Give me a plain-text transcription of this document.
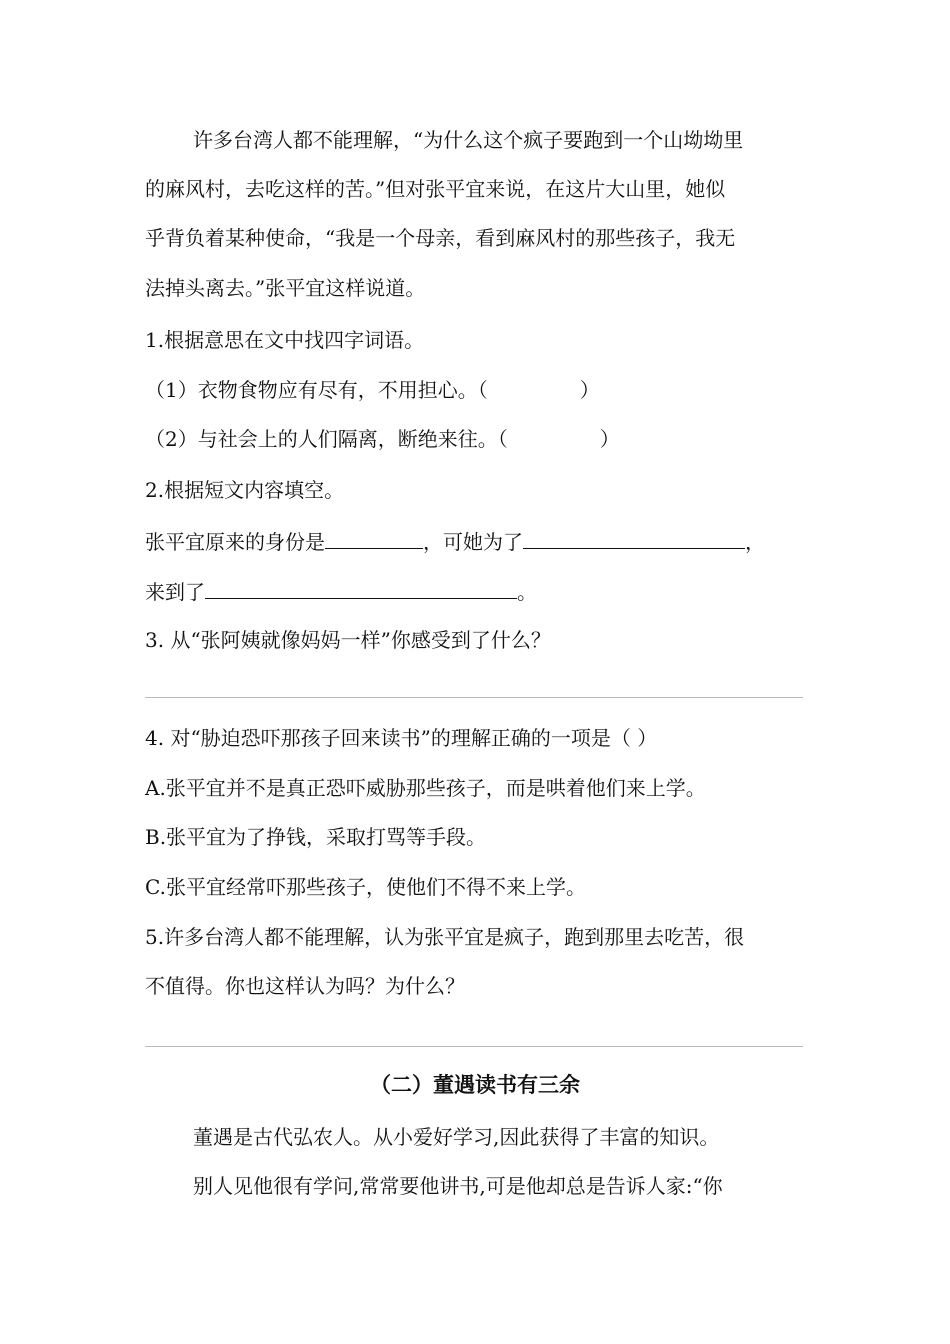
许多台湾人都不能理解，“为什么这个疯子要跑到一个山坳坳里
的麻风村，去吃这样的苦。”但对张平宜来说，在这片大山里，她似
乎背负着某种使命，“我是一个母亲，看到麻风村的那些孩子，我无
法掉头离去。”张平宜这样说道。
1.根据意思在文中找四字词语。
（1）衣物食物应有尽有，不用担心。（	）
（2）与社会上的人们隔离，断绝来往。（	）
2.根据短文内容填空。
张平宜原来的身份是	，可她为了	，
来到了	。
3. 从“张阿姨就像妈妈一样”你感受到了什么？
4. 对“胁迫恐吓那孩子回来读书”的理解正确的一项是（ ）
A.张平宜并不是真正恐吓威胁那些孩子，而是哄着他们来上学。
B.张平宜为了挣钱，采取打骂等手段。
C.张平宜经常吓那些孩子，使他们不得不来上学。
5.许多台湾人都不能理解，认为张平宜是疯子，跑到那里去吃苦，很
不值得。你也这样认为吗？为什么？
（二）董遇读书有三余
董遇是古代弘农人。从小爱好学习,因此获得了丰富的知识。
别人见他很有学问,常常要他讲书,可是他却总是告诉人家:“你
